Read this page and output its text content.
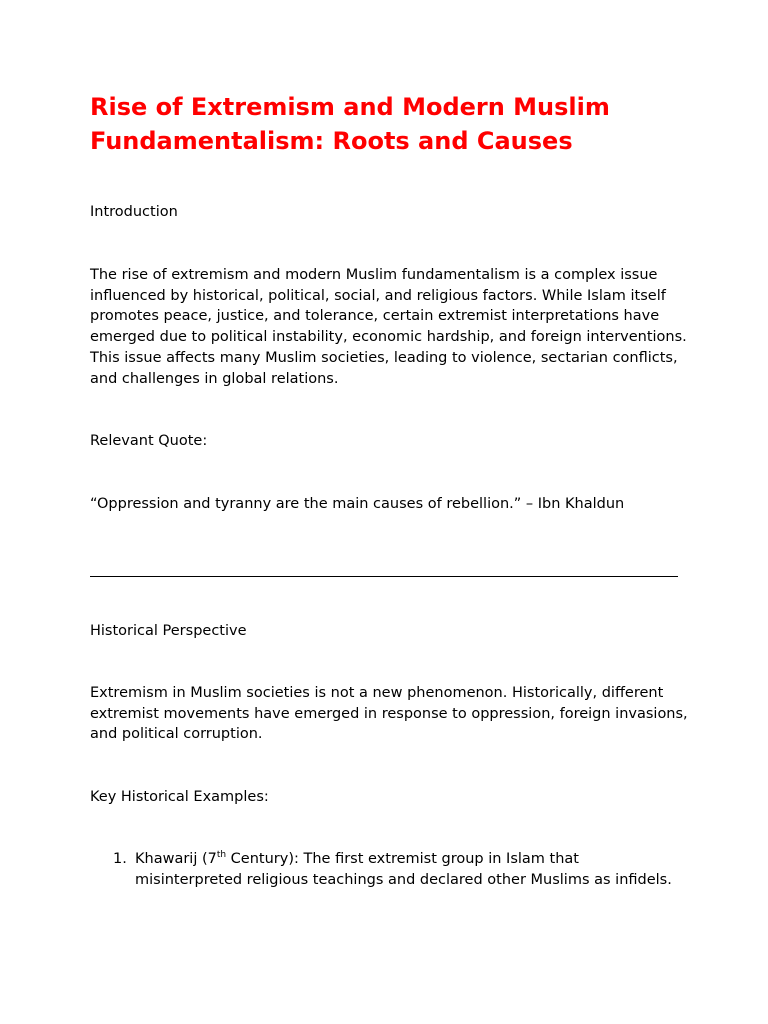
Rise of Extremism and Modern Muslim Fundamentalism: Roots and Causes

Introduction

The rise of extremism and modern Muslim fundamentalism is a complex issue influenced by historical, political, social, and religious factors. While Islam itself promotes peace, justice, and tolerance, certain extremist interpretations have emerged due to political instability, economic hardship, and foreign interventions. This issue affects many Muslim societies, leading to violence, sectarian conflicts, and challenges in global relations.

Relevant Quote:

“Oppression and tyranny are the main causes of rebellion.” – Ibn Khaldun

Historical Perspective

Extremism in Muslim societies is not a new phenomenon. Historically, different extremist movements have emerged in response to oppression, foreign invasions, and political corruption.

Key Historical Examples:

1. Khawarij (7th Century): The first extremist group in Islam that misinterpreted religious teachings and declared other Muslims as infidels.
